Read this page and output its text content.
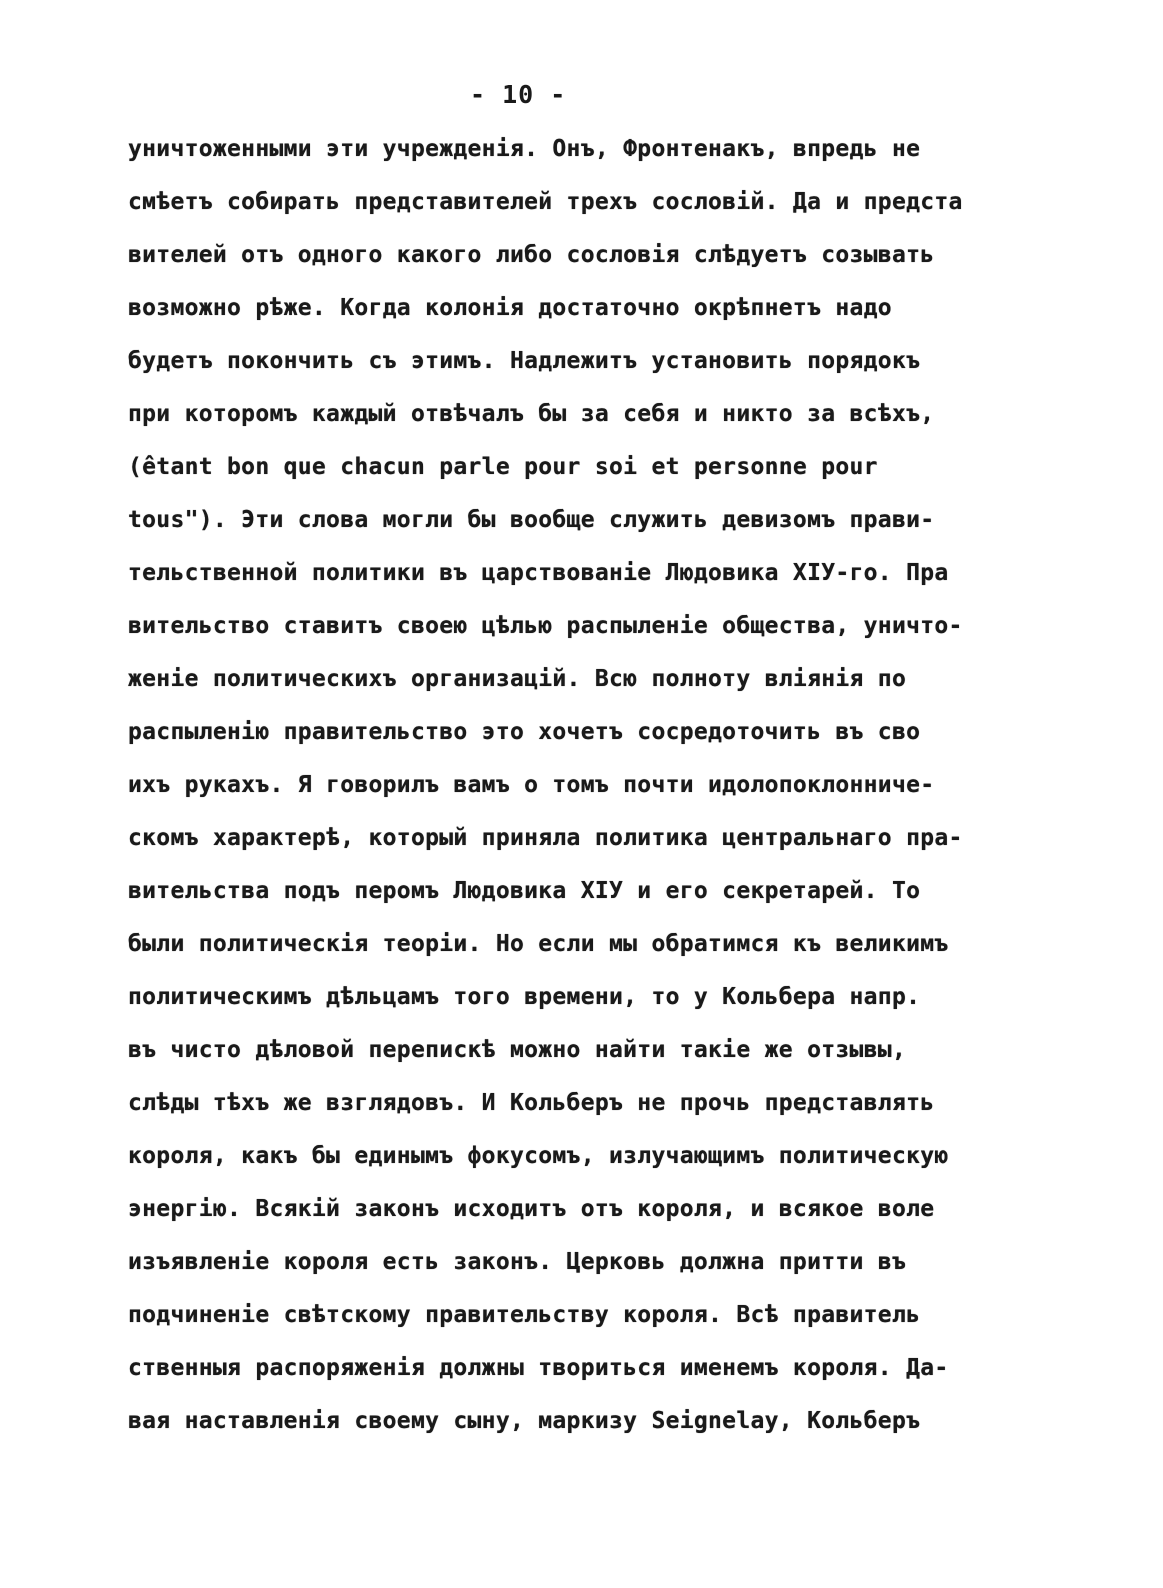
- 10 -
уничтоженными эти учрежденія. Онъ, Фронтенакъ, впредь не
смѣетъ собирать представителей трехъ сословій. Да и предста
вителей отъ одного какого либо сословія слѣдуетъ созывать
возможно рѣже. Когда колонія достаточно окрѣпнетъ надо
будетъ покончить съ этимъ. Надлежитъ установить порядокъ
при которомъ каждый отвѣчалъ бы за себя и никто за всѣхъ,
(êtant bon que chacun parle pour soi et personne pour
tous"). Эти слова могли бы вообще служить девизомъ прави-
тельственной политики въ царствованіе Людовика XIУ-го. Пра
вительство ставитъ своею цѣлью распыленіе общества, уничто-
женіе политическихъ организацій. Всю полноту вліянія по
распыленію правительство это хочетъ сосредоточить въ сво
ихъ рукахъ. Я говорилъ вамъ о томъ почти идолопоклонниче-
скомъ характерѣ, который приняла политика центральнаго пра-
вительства подъ перомъ Людовика XIУ и его секретарей. То
были политическія теоріи. Но если мы обратимся къ великимъ
политическимъ дѣльцамъ того времени, то у Кольбера напр.
въ чисто дѣловой перепискѣ можно найти такіе же отзывы,
слѣды тѣхъ же взглядовъ. И Кольберъ не прочь представлять
короля, какъ бы единымъ фокусомъ, излучающимъ политическую
энергію. Всякій законъ исходитъ отъ короля, и всякое воле
изъявленіе короля есть законъ. Церковь должна притти въ
подчиненіе свѣтскому правительству короля. Всѣ правитель
ственныя распоряженія должны твориться именемъ короля. Да-
вая наставленія своему сыну, маркизу Seignelay, Кольберъ
